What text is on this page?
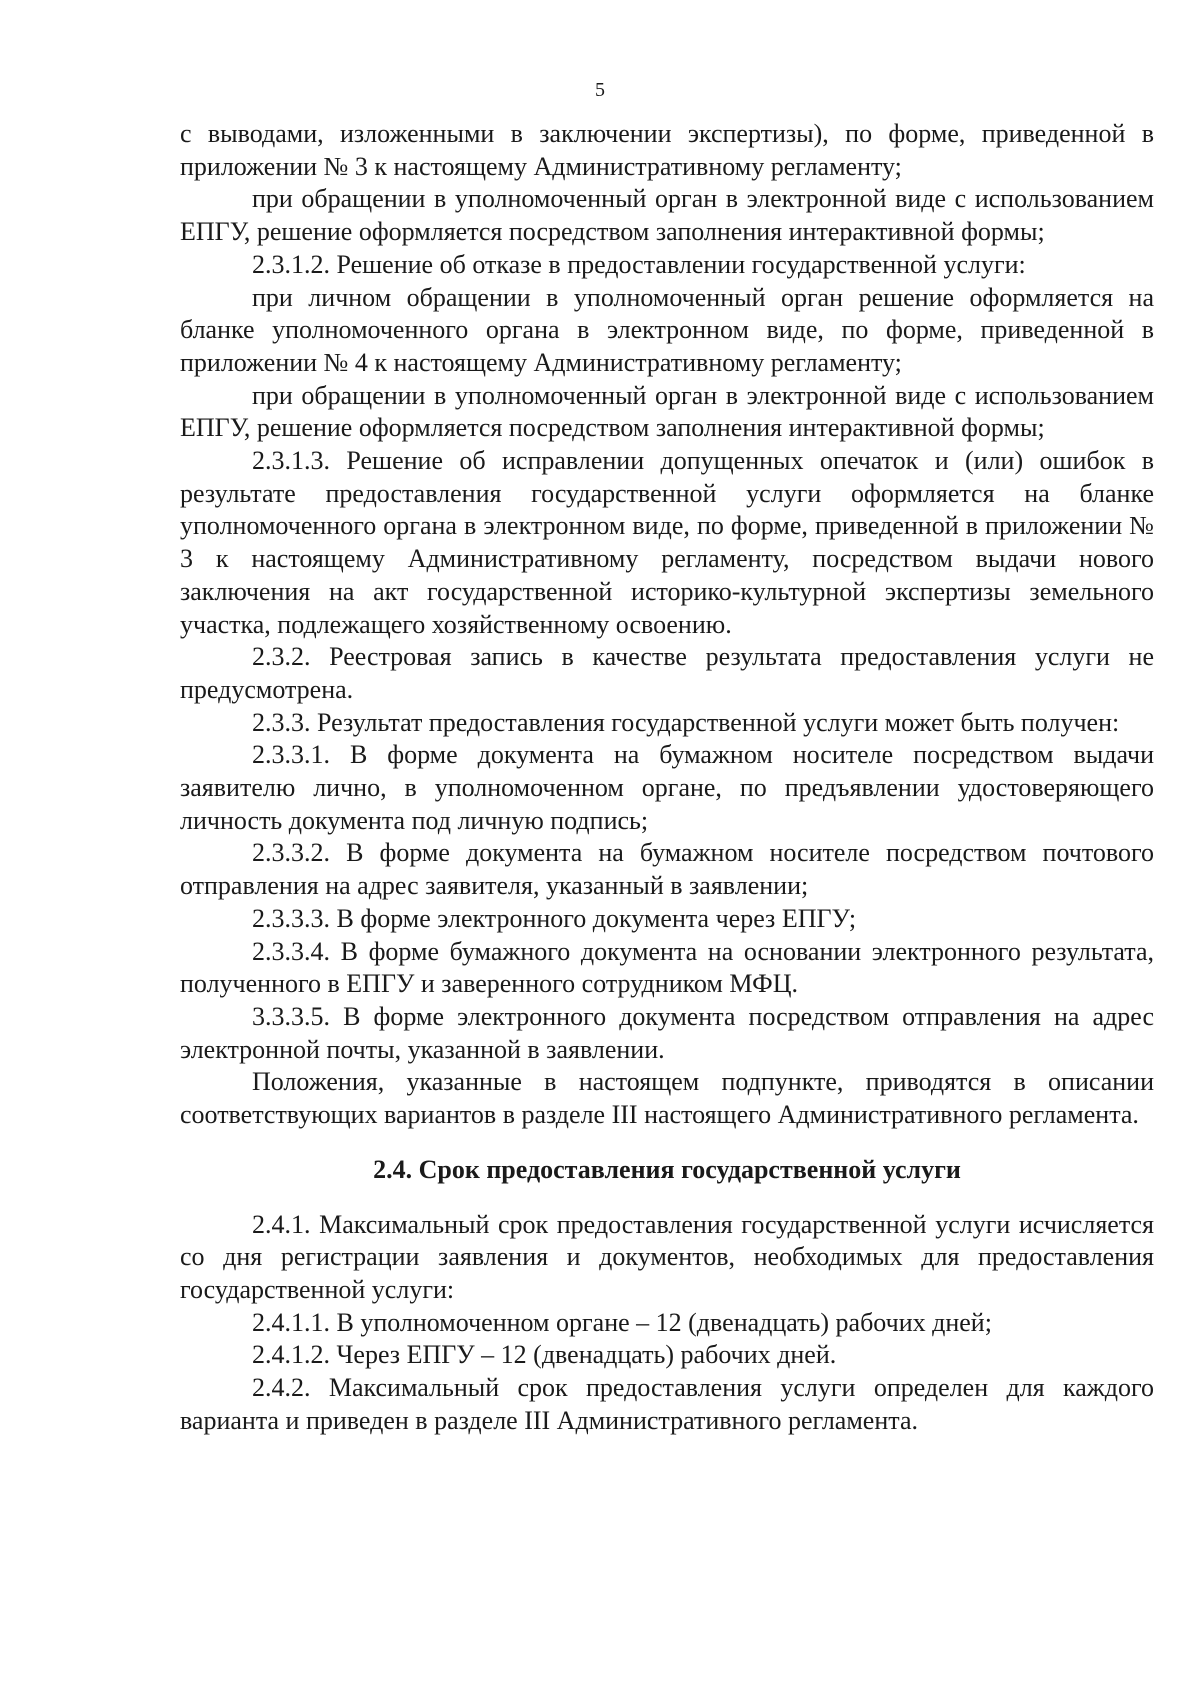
5

с выводами, изложенными в заключении экспертизы), по форме, приведенной в приложении № 3 к настоящему Административному регламенту;

при обращении в уполномоченный орган в электронной виде с использованием ЕПГУ, решение оформляется посредством заполнения интерактивной формы;

2.3.1.2. Решение об отказе в предоставлении государственной услуги:

при личном обращении в уполномоченный орган решение оформляется на бланке уполномоченного органа в электронном виде, по форме, приведенной в приложении № 4 к настоящему Административному регламенту;

при обращении в уполномоченный орган в электронной виде с использованием ЕПГУ, решение оформляется посредством заполнения интерактивной формы;

2.3.1.3. Решение об исправлении допущенных опечаток и (или) ошибок в результате предоставления государственной услуги оформляется на бланке уполномоченного органа в электронном виде, по форме, приведенной в приложении № 3 к настоящему Административному регламенту, посредством выдачи нового заключения на акт государственной историко-культурной экспертизы земельного участка, подлежащего хозяйственному освоению.

2.3.2. Реестровая запись в качестве результата предоставления услуги не предусмотрена.

2.3.3. Результат предоставления государственной услуги может быть получен:

2.3.3.1. В форме документа на бумажном носителе посредством выдачи заявителю лично, в уполномоченном органе, по предъявлении удостоверяющего личность документа под личную подпись;

2.3.3.2. В форме документа на бумажном носителе посредством почтового отправления на адрес заявителя, указанный в заявлении;

2.3.3.3. В форме электронного документа через ЕПГУ;

2.3.3.4. В форме бумажного документа на основании электронного результата, полученного в ЕПГУ и заверенного сотрудником МФЦ.

3.3.3.5. В форме электронного документа посредством отправления на адрес электронной почты, указанной в заявлении.

Положения, указанные в настоящем подпункте, приводятся в описании соответствующих вариантов в разделе III настоящего Административного регламента.

2.4. Срок предоставления государственной услуги

2.4.1. Максимальный срок предоставления государственной услуги исчисляется со дня регистрации заявления и документов, необходимых для предоставления государственной услуги:

2.4.1.1. В уполномоченном органе – 12 (двенадцать) рабочих дней;

2.4.1.2. Через ЕПГУ – 12 (двенадцать) рабочих дней.

2.4.2. Максимальный срок предоставления услуги определен для каждого варианта и приведен в разделе III Административного регламента.
